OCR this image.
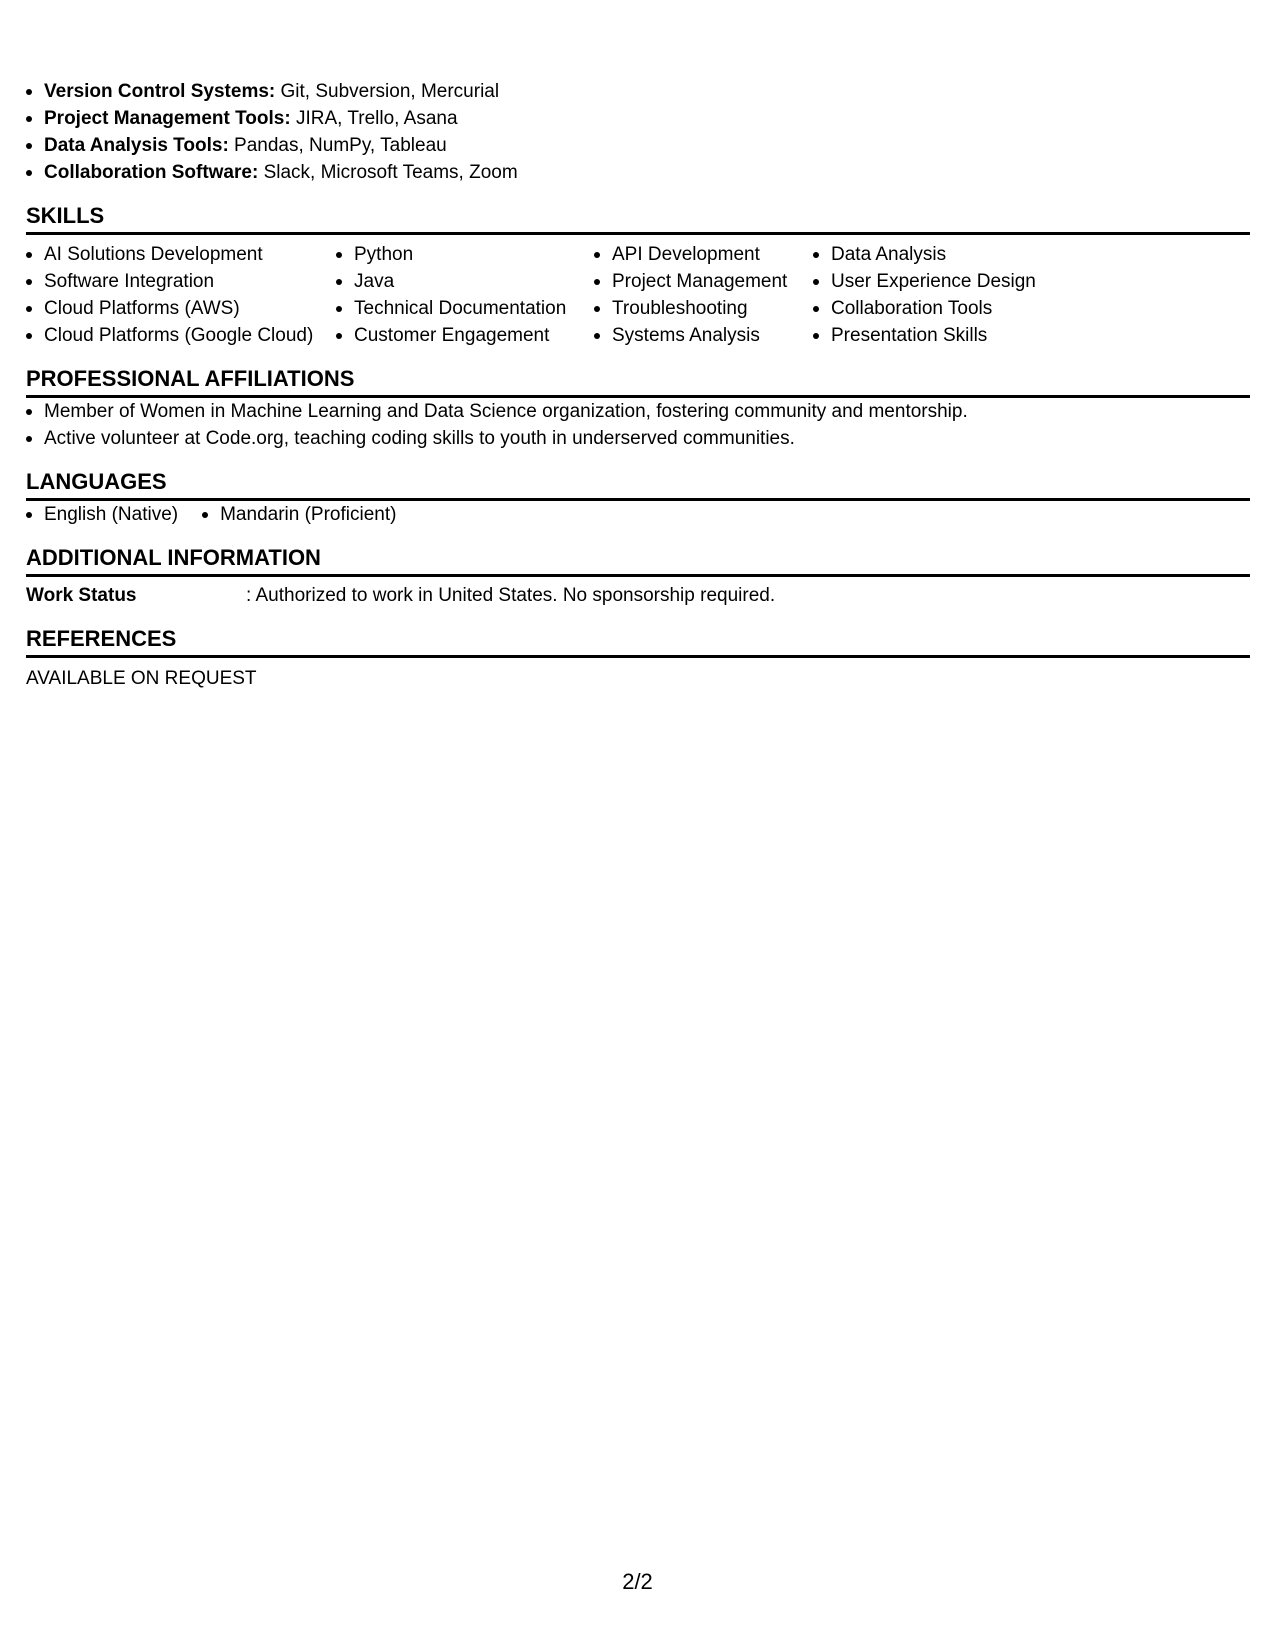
Version Control Systems: Git, Subversion, Mercurial
Project Management Tools: JIRA, Trello, Asana
Data Analysis Tools: Pandas, NumPy, Tableau
Collaboration Software: Slack, Microsoft Teams, Zoom
SKILLS
AI Solutions Development
Software Integration
Cloud Platforms (AWS)
Cloud Platforms (Google Cloud)
Python
Java
Technical Documentation
Customer Engagement
API Development
Project Management
Troubleshooting
Systems Analysis
Data Analysis
User Experience Design
Collaboration Tools
Presentation Skills
PROFESSIONAL AFFILIATIONS
Member of Women in Machine Learning and Data Science organization, fostering community and mentorship.
Active volunteer at Code.org, teaching coding skills to youth in underserved communities.
LANGUAGES
English (Native)	Mandarin (Proficient)
ADDITIONAL INFORMATION
Work Status	: Authorized to work in United States. No sponsorship required.
REFERENCES
AVAILABLE ON REQUEST
2/2
